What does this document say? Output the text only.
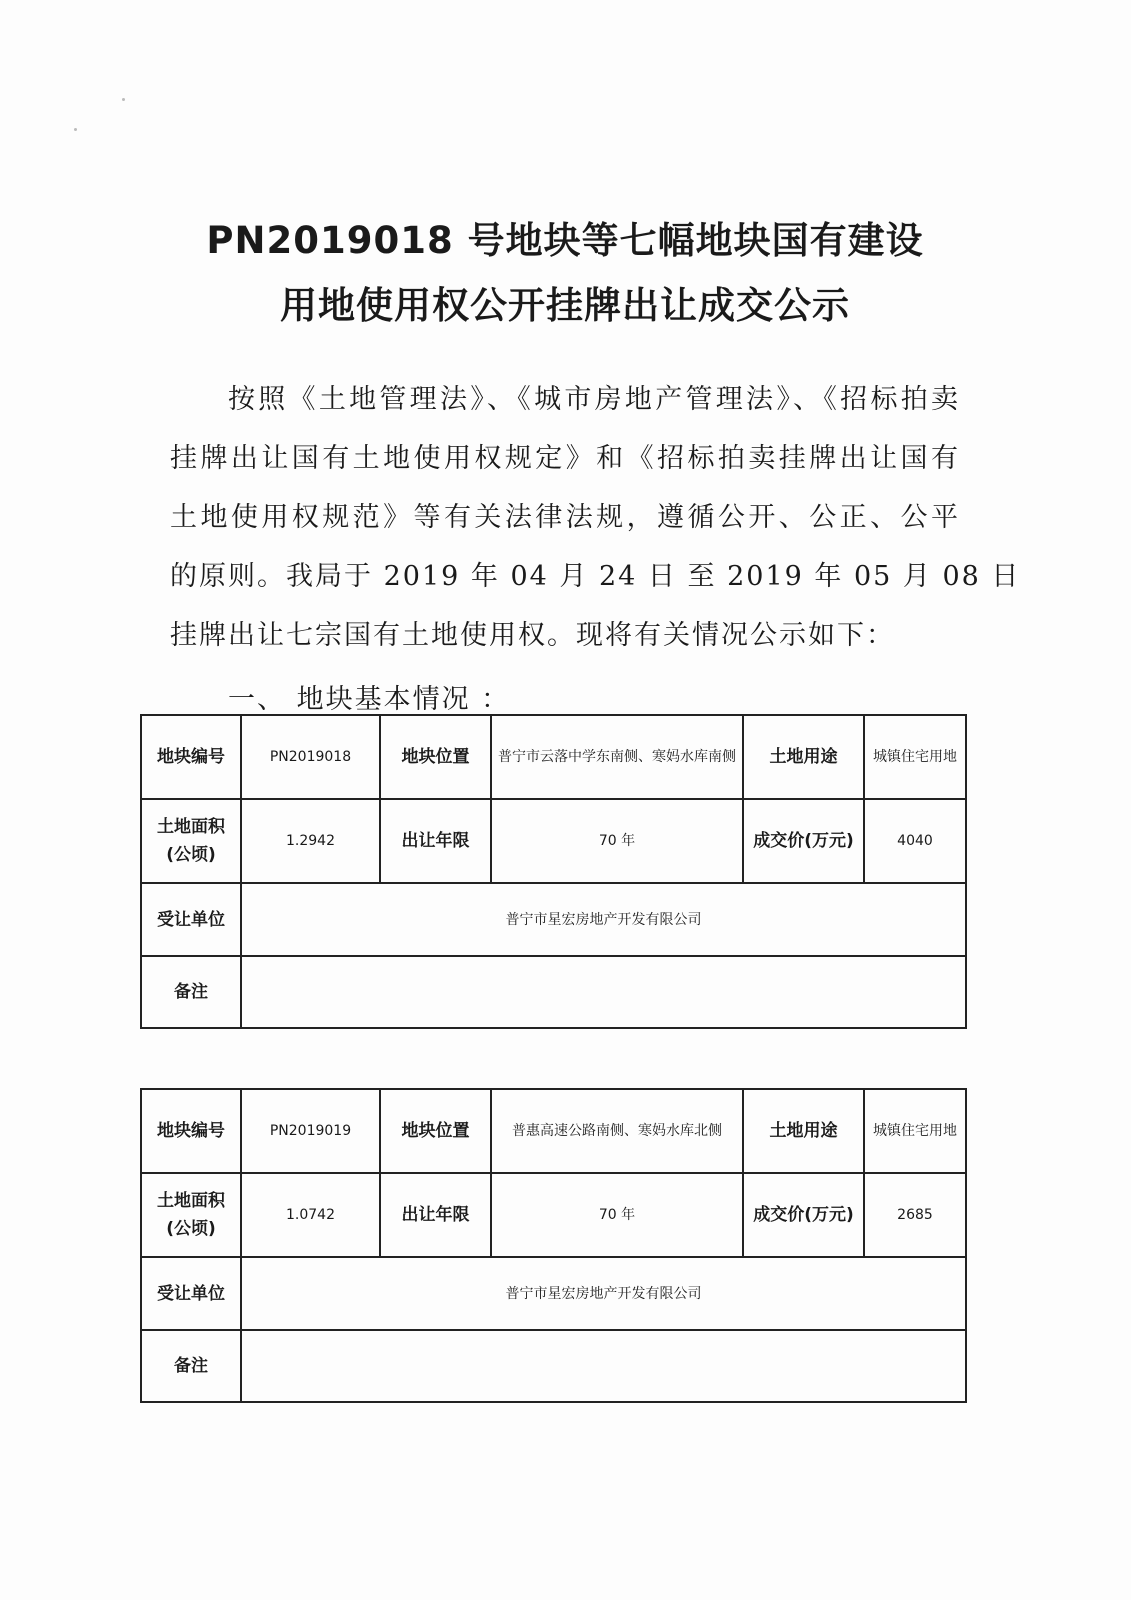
PN2019018 号地块等七幅地块国有建设
用地使用权公开挂牌出让成交公示
按照《土地管理法》、《城市房地产管理法》、《招标拍卖
挂牌出让国有土地使用权规定》和《招标拍卖挂牌出让国有
土地使用权规范》等有关法律法规，遵循公开、公正、公平
的原则。我局于 2019 年 04 月 24 日 至 2019 年 05 月 08 日
挂牌出让七宗国有土地使用权。现将有关情况公示如下：
一、 地块基本情况 ：
地块编号	PN2019018	地块位置	普宁市云落中学东南侧、寒妈水库南侧	土地用途	城镇住宅用地
土地面积
(公顷)	1.2942	出让年限	70 年	成交价(万元)	4040
受让单位	普宁市星宏房地产开发有限公司				
备注					
地块编号	PN2019019	地块位置	普惠高速公路南侧、寒妈水库北侧	土地用途	城镇住宅用地
土地面积
(公顷)	1.0742	出让年限	70 年	成交价(万元)	2685
受让单位	普宁市星宏房地产开发有限公司				
备注					
